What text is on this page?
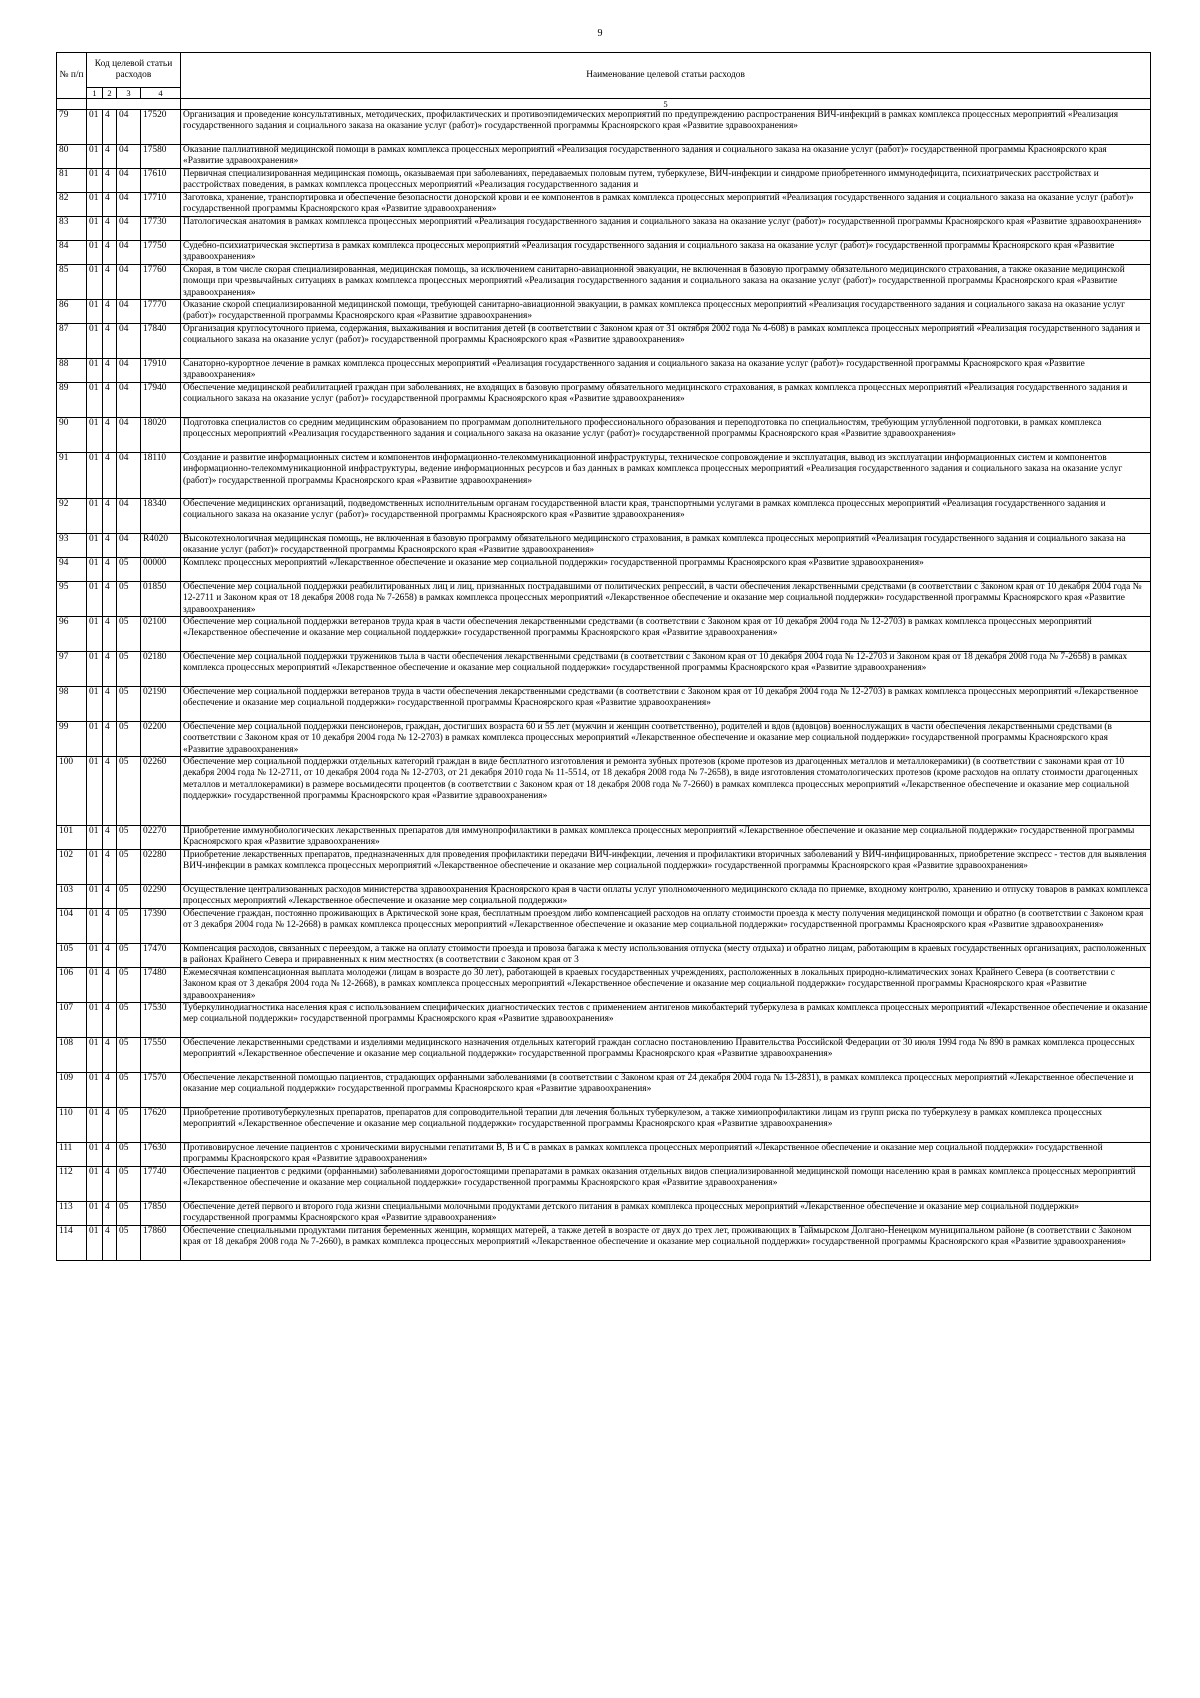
9
№ п/п	Код целевой статьи расходов				Наименование целевой статьи расходов
	1	2	3	4	
					5
79	01	4	04	17520	Организация и проведение консультативных, методических, профилактических и противоэпидемических мероприятий по предупреждению распространения ВИЧ-инфекций в рамках комплекса процессных мероприятий «Реализация государственного задания и социального заказа на оказание услуг (работ)» государственной программы Красноярского края «Развитие здравоохранения»

80	01	4	04	17580	Оказание паллиативной медицинской помощи в рамках комплекса процессных мероприятий «Реализация государственного задания и социального заказа на оказание услуг (работ)» государственной программы Красноярского края «Развитие здравоохранения»

81	01	4	04	17610	Первичная специализированная медицинская помощь, оказываемая при заболеваниях, передаваемых половым путем, туберкулезе, ВИЧ-инфекции и синдроме приобретенного иммунодефицита, психиатрических расстройствах и расстройствах поведения, в рамках комплекса процессных мероприятий «Реализация государственного задания и

82	01	4	04	17710	Заготовка, хранение, транспортировка и обеспечение безопасности донорской крови и ее компонентов в рамках комплекса процессных мероприятий «Реализация государственного задания и социального заказа на оказание услуг (работ)» государственной программы Красноярского края «Развитие здравоохранения»

83	01	4	04	17730	Патологическая анатомия в рамках комплекса процессных мероприятий «Реализация государственного задания и социального заказа на оказание услуг (работ)» государственной программы Красноярского края «Развитие здравоохранения»

84	01	4	04	17750	Судебно-психиатрическая экспертиза в рамках комплекса процессных мероприятий «Реализация государственного задания и социального заказа на оказание услуг (работ)» государственной программы Красноярского края «Развитие здравоохранения»

85	01	4	04	17760	Скорая, в том числе скорая специализированная, медицинская помощь, за исключением санитарно-авиационной эвакуации, не включенная в базовую программу обязательного медицинского страхования, а также оказание медицинской помощи при чрезвычайных ситуациях в рамках комплекса процессных мероприятий «Реализация государственного задания и социального заказа на оказание услуг (работ)» государственной программы Красноярского края «Развитие здравоохранения»

86	01	4	04	17770	Оказание скорой специализированной медицинской помощи, требующей санитарно-авиационной эвакуации, в рамках комплекса процессных мероприятий «Реализация государственного задания и социального заказа на оказание услуг (работ)» государственной программы Красноярского края «Развитие здравоохранения»

87	01	4	04	17840	Организация круглосуточного приема, содержания, выхаживания и воспитания детей (в соответствии с Законом края от 31 октября 2002 года № 4-608) в рамках комплекса процессных мероприятий «Реализация государственного задания и социального заказа на оказание услуг (работ)» государственной программы Красноярского края «Развитие здравоохранения»

88	01	4	04	17910	Санаторно-курортное лечение в рамках комплекса процессных мероприятий «Реализация государственного задания и социального заказа на оказание услуг (работ)» государственной программы Красноярского края «Развитие здравоохранения»

89	01	4	04	17940	Обеспечение медицинской реабилитацией граждан при заболеваниях, не входящих в базовую программу обязательного медицинского страхования, в рамках комплекса процессных мероприятий «Реализация государственного задания и социального заказа на оказание услуг (работ)» государственной программы Красноярского края «Развитие здравоохранения»

90	01	4	04	18020	Подготовка специалистов со средним медицинским образованием по программам дополнительного профессионального образования и переподготовка по специальностям, требующим углубленной подготовки, в рамках комплекса процессных мероприятий «Реализация государственного задания и социального заказа на оказание услуг (работ)» государственной программы Красноярского края «Развитие здравоохранения»

91	01	4	04	18110	Создание и развитие информационных систем и компонентов информационно-телекоммуникационной инфраструктуры, техническое сопровождение и эксплуатация, вывод из эксплуатации информационных систем и компонентов информационно-телекоммуникационной инфраструктуры, ведение информационных ресурсов и баз данных в рамках комплекса процессных мероприятий «Реализация государственного задания и социального заказа на оказание услуг (работ)» государственной программы Красноярского края «Развитие здравоохранения»

92	01	4	04	18340	Обеспечение медицинских организаций, подведомственных исполнительным органам государственной власти края, транспортными услугами в рамках комплекса процессных мероприятий «Реализация государственного задания и социального заказа на оказание услуг (работ)» государственной программы Красноярского края «Развитие здравоохранения»

93	01	4	04	R4020	Высокотехнологичная медицинская помощь, не включенная в базовую программу обязательного медицинского страхования, в рамках комплекса процессных мероприятий «Реализация государственного задания и социального заказа на оказание услуг (работ)» государственной программы Красноярского края «Развитие здравоохранения»

94	01	4	05	00000	Комплекс процессных мероприятий «Лекарственное обеспечение и оказание мер социальной поддержки» государственной программы Красноярского края «Развитие здравоохранения»

95	01	4	05	01850	Обеспечение мер социальной поддержки реабилитированных лиц и лиц, признанных пострадавшими от политических репрессий, в части обеспечения лекарственными средствами (в соответствии с Законом края от 10 декабря 2004 года № 12-2711 и Законом края от 18 декабря 2008 года № 7-2658) в рамках комплекса процессных мероприятий «Лекарственное обеспечение и оказание мер социальной поддержки» государственной программы Красноярского края «Развитие здравоохранения»

96	01	4	05	02100	Обеспечение мер социальной поддержки ветеранов труда края в части обеспечения лекарственными средствами (в соответствии с Законом края от 10 декабря 2004 года № 12-2703) в рамках комплекса процессных мероприятий «Лекарственное обеспечение и оказание мер социальной поддержки» государственной программы Красноярского края «Развитие здравоохранения»

97	01	4	05	02180	Обеспечение мер социальной поддержки тружеников тыла в части обеспечения лекарственными средствами (в соответствии с Законом края от 10 декабря 2004 года № 12-2703 и Законом края от 18 декабря 2008 года № 7-2658) в рамках комплекса процессных мероприятий «Лекарственное обеспечение и оказание мер социальной поддержки» государственной программы Красноярского края «Развитие здравоохранения»

98	01	4	05	02190	Обеспечение мер социальной поддержки ветеранов труда в части обеспечения лекарственными средствами (в соответствии с Законом края от 10 декабря 2004 года № 12-2703) в рамках комплекса процессных мероприятий «Лекарственное обеспечение и оказание мер социальной поддержки» государственной программы Красноярского края «Развитие здравоохранения»

99	01	4	05	02200	Обеспечение мер социальной поддержки пенсионеров, граждан, достигших возраста 60 и 55 лет (мужчин и женщин соответственно), родителей и вдов (вдовцов) военнослужащих в части обеспечения лекарственными средствами (в соответствии с Законом края от 10 декабря 2004 года № 12-2703) в рамках комплекса процессных мероприятий «Лекарственное обеспечение и оказание мер социальной поддержки» государственной программы Красноярского края «Развитие здравоохранения»

100	01	4	05	02260	Обеспечение мер социальной поддержки отдельных категорий граждан в виде бесплатного изготовления и ремонта зубных протезов (кроме протезов из драгоценных металлов и металлокерамики) (в соответствии с законами края от 10 декабря 2004 года № 12-2711, от 10 декабря 2004 года № 12-2703, от 21 декабря 2010 года № 11-5514, от 18 декабря 2008 года № 7-2658), в виде изготовления стоматологических протезов (кроме расходов на оплату стоимости драгоценных металлов и металлокерамики) в размере восьмидесяти процентов (в соответствии с Законом края от 18 декабря 2008 года № 7-2660) в рамках комплекса процессных мероприятий «Лекарственное обеспечение и оказание мер социальной поддержки» государственной программы Красноярского края «Развитие здравоохранения»

101	01	4	05	02270	Приобретение иммунобиологических лекарственных препаратов для иммунопрофилактики в рамках комплекса процессных мероприятий «Лекарственное обеспечение и оказание мер социальной поддержки» государственной программы Красноярского края «Развитие здравоохранения»

102	01	4	05	02280	Приобретение лекарственных препаратов, предназначенных для проведения профилактики передачи ВИЧ-инфекции, лечения и профилактики вторичных заболеваний у ВИЧ-инфицированных, приобретение экспресс - тестов для выявления ВИЧ-инфекции в рамках комплекса процессных мероприятий «Лекарственное обеспечение и оказание мер социальной поддержки» государственной программы Красноярского края «Развитие здравоохранения»

103	01	4	05	02290	Осуществление централизованных расходов министерства здравоохранения Красноярского края в части оплаты услуг уполномоченного медицинского склада по приемке, входному контролю, хранению и отпуску товаров в рамках комплекса процессных мероприятий «Лекарственное обеспечение и оказание мер социальной поддержки»

104	01	4	05	17390	Обеспечение граждан, постоянно проживающих в Арктической зоне края, бесплатным проездом либо компенсацией расходов на оплату стоимости проезда к месту получения медицинской помощи и обратно (в соответствии с Законом края от 3 декабря 2004 года № 12-2668) в рамках комплекса процессных мероприятий «Лекарственное обеспечение и оказание мер социальной поддержки» государственной программы Красноярского края «Развитие здравоохранения»

105	01	4	05	17470	Компенсация расходов, связанных с переездом, а также на оплату стоимости проезда и провоза багажа к месту использования отпуска (месту отдыха) и обратно лицам, работающим в краевых государственных организациях, расположенных в районах Крайнего Севера и приравненных к ним местностях (в соответствии с Законом края от 3

106	01	4	05	17480	Ежемесячная компенсационная выплата молодежи (лицам в возрасте до 30 лет), работающей в краевых государственных учреждениях, расположенных в локальных природно-климатических зонах Крайнего Севера (в соответствии с Законом края от 3 декабря 2004 года № 12-2668), в рамках комплекса процессных мероприятий «Лекарственное обеспечение и оказание мер социальной поддержки» государственной программы Красноярского края «Развитие здравоохранения»

107	01	4	05	17530	Туберкулинодиагностика населения края с использованием специфических диагностических тестов с применением антигенов микобактерий туберкулеза в рамках комплекса процессных мероприятий «Лекарственное обеспечение и оказание мер социальной поддержки» государственной программы Красноярского края «Развитие здравоохранения»

108	01	4	05	17550	Обеспечение лекарственными средствами и изделиями медицинского назначения отдельных категорий граждан согласно постановлению Правительства Российской Федерации от 30 июля 1994 года № 890 в рамках комплекса процессных мероприятий «Лекарственное обеспечение и оказание мер социальной поддержки» государственной программы Красноярского края «Развитие здравоохранения»

109	01	4	05	17570	Обеспечение лекарственной помощью пациентов, страдающих орфанными заболеваниями (в соответствии с Законом края от 24 декабря 2004 года № 13-2831), в рамках комплекса процессных мероприятий «Лекарственное обеспечение и оказание мер социальной поддержки» государственной программы Красноярского края «Развитие здравоохранения»

110	01	4	05	17620	Приобретение противотуберкулезных препаратов, препаратов для сопроводительной терапии для лечения больных туберкулезом, а также химиопрофилактики лицам из групп риска по туберкулезу в рамках комплекса процессных мероприятий «Лекарственное обеспечение и оказание мер социальной поддержки» государственной программы Красноярского края «Развитие здравоохранения»

111	01	4	05	17630	Противовирусное лечение пациентов с хроническими вирусными гепатитами В, В и С в рамках в рамках комплекса процессных мероприятий «Лекарственное обеспечение и оказание мер социальной поддержки» государственной программы Красноярского края «Развитие здравоохранения»

112	01	4	05	17740	Обеспечение пациентов с редкими (орфанными) заболеваниями дорогостоящими препаратами в рамках оказания отдельных видов специализированной медицинской помощи населению края в рамках комплекса процессных мероприятий «Лекарственное обеспечение и оказание мер социальной поддержки» государственной программы Красноярского края «Развитие здравоохранения»

113	01	4	05	17850	Обеспечение детей первого и второго года жизни специальными молочными продуктами детского питания в рамках комплекса процессных мероприятий «Лекарственное обеспечение и оказание мер социальной поддержки» государственной программы Красноярского края «Развитие здравоохранения»

114	01	4	05	17860	Обеспечение специальными продуктами питания беременных женщин, кормящих матерей, а также детей в возрасте от двух до трех лет, проживающих в Таймырском Долгано-Ненецком муниципальном районе (в соответствии с Законом края от 18 декабря 2008 года № 7-2660), в рамках комплекса процессных мероприятий «Лекарственное обеспечение и оказание мер социальной поддержки» государственной программы Красноярского края «Развитие здравоохранения»
